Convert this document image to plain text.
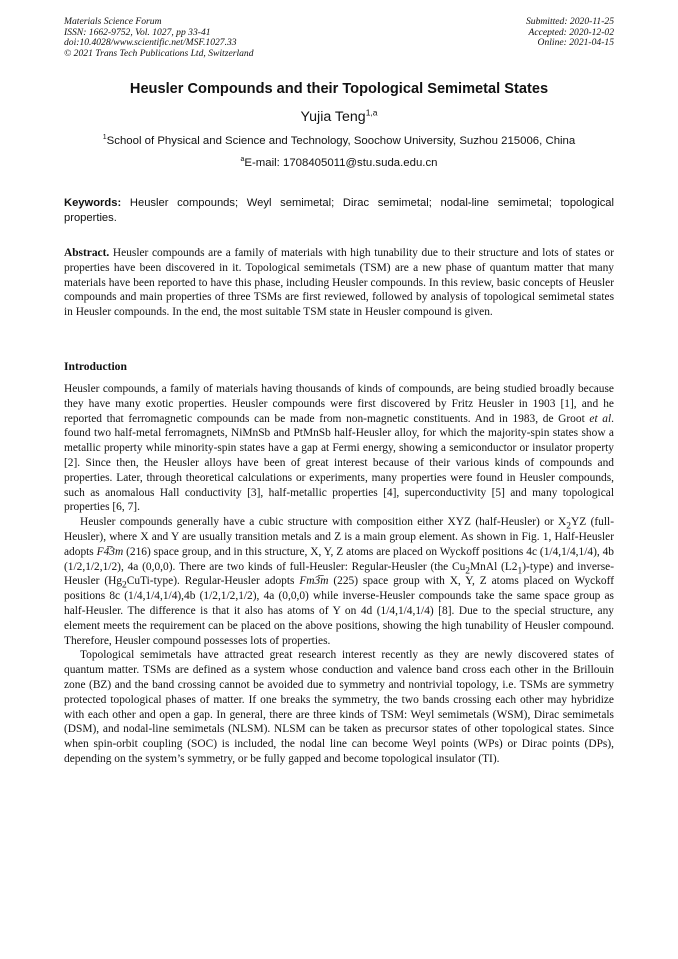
Materials Science Forum
ISSN: 1662-9752, Vol. 1027, pp 33-41
doi:10.4028/www.scientific.net/MSF.1027.33
© 2021 Trans Tech Publications Ltd, Switzerland
Submitted: 2020-11-25
Accepted: 2020-12-02
Online: 2021-04-15
Heusler Compounds and their Topological Semimetal States
Yujia Teng$^{1,a}$
$^1$School of Physical and Science and Technology, Soochow University, Suzhou 215006, China
$^a$E-mail: 1708405011@stu.suda.edu.cn
Keywords: Heusler compounds; Weyl semimetal; Dirac semimetal; nodal-line semimetal; topological properties.
Abstract. Heusler compounds are a family of materials with high tunability due to their structure and lots of states or properties have been discovered in it. Topological semimetals (TSM) are a new phase of quantum matter that many materials have been reported to have this phase, including Heusler compounds. In this review, basic concepts of Heusler compounds and main properties of three TSMs are first reviewed, followed by analysis of topological semimetal states in Heusler compounds. In the end, the most suitable TSM state in Heusler compound is given.
Introduction

Heusler compounds, a family of materials having thousands of kinds of compounds, are being studied broadly because they have many exotic properties. Heusler compounds were first discovered by Fritz Heusler in 1903 [1], and he reported that ferromagnetic compounds can be made from non-magnetic constituents. And in 1983, de Groot et al. found two half-metal ferromagnets, NiMnSb and PtMnSb half-Heusler alloy, for which the majority-spin states show a metallic property while minority-spin states have a gap at Fermi energy, showing a semiconductor or insulator property [2]. Since then, the Heusler alloys have been of great interest because of their various kinds of compounds and properties. Later, through theoretical calculations or experiments, many properties were found in Heusler compounds, such as anomalous Hall conductivity [3], half-metallic properties [4], superconductivity [5] and many topological properties [6, 7].

Heusler compounds generally have a cubic structure with composition either XYZ (half-Heusler) or $X_2YZ$ (full-Heusler), where X and Y are usually transition metals and Z is a main group element. As shown in Fig. 1, Half-Heusler adopts F4̅3m (216) space group, and in this structure, X, Y, Z atoms are placed on Wyckoff positions 4c (1/4,1/4,1/4), 4b (1/2,1/2,1/2), 4a (0,0,0). There are two kinds of full-Heusler: Regular-Heusler (the $Cu_2MnAl$ $(L2_1)-type$) and inverse-Heusler $(Hg_2CuTi-type)$. Regular-Heusler adopts Fm3̅m (225) space group with X, Y, Z atoms placed on Wyckoff positions 8c (1/4,1/4,1/4),4b (1/2,1/2,1/2), 4a (0,0,0) while inverse-Heusler compounds take the same space group as half-Heusler. The difference is that it also has atoms of Y on 4d (1/4,1/4,1/4) [8]. Due to the special structure, any element meets the requirement can be placed on the above positions, showing the high tunability of Heusler compound. Therefore, Heusler compound possesses lots of properties.

Topological semimetals have attracted great research interest recently as they are newly discovered states of quantum matter. TSMs are defined as a system whose conduction and valence band cross each other in the Brillouin zone (BZ) and the band crossing cannot be avoided due to symmetry and nontrivial topology, i.e. TSMs are symmetry protected topological phases of matter. If one breaks the symmetry, the two bands crossing each other may hybridize with each other and open a gap. In general, there are three kinds of TSM: Weyl semimetals (WSM), Dirac semimetals (DSM), and nodal-line semimetals (NLSM). NLSM can be taken as precursor states of other topological states. Since when spin-orbit coupling (SOC) is included, the nodal line can become Weyl points (WPs) or Dirac points (DPs), depending on the system’s symmetry, or be fully gapped and become topological insulator (TI).
